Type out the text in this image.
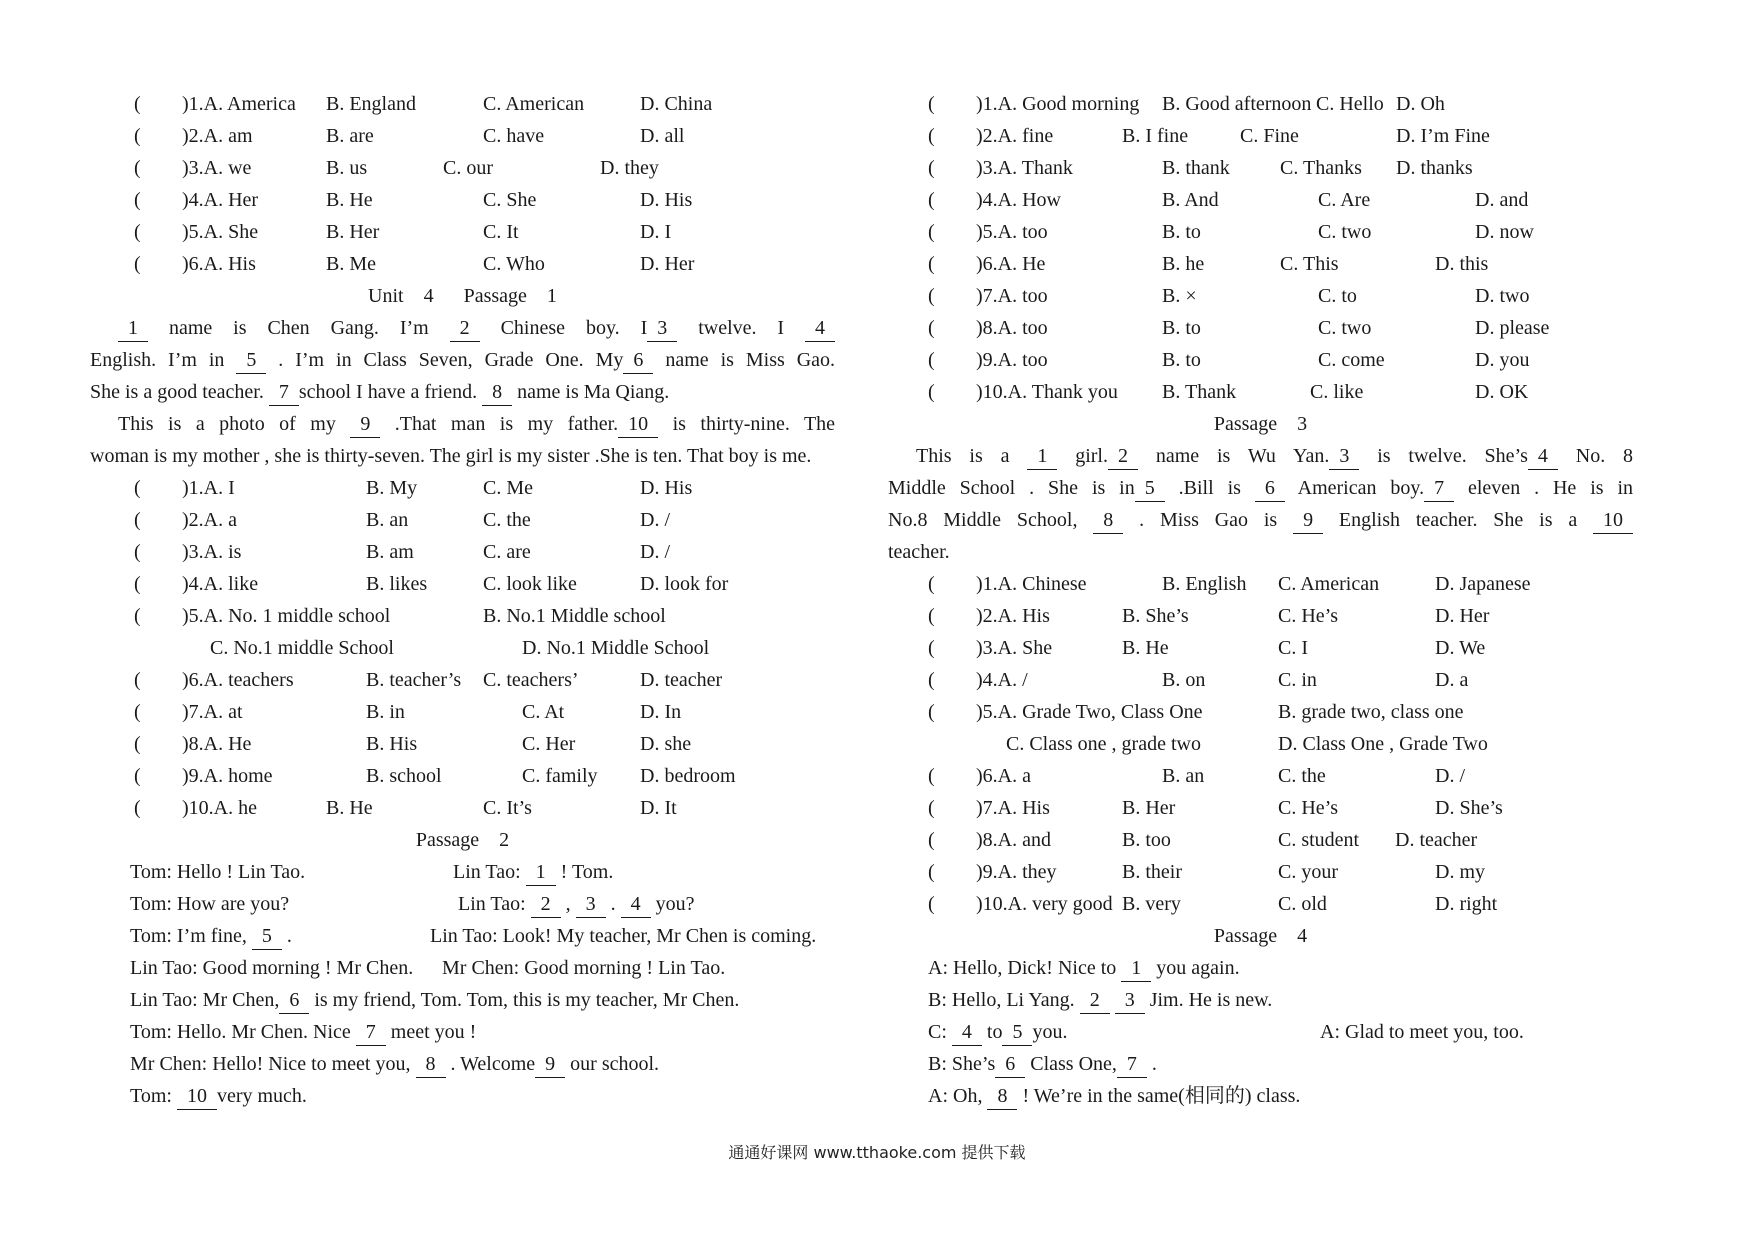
( )1.A. America B. England	C. American	D. China
( )2.A. am	B. are	C. have	D. all
( )3.A. we	B. us	C. our	D. they
( )4.A. Her	B. He	C. She	D. His
( )5.A. She	B. Her	C. It	D. I
( )6.A. His	B. Me	C. Who	D. Her
Unit    4      Passage    1
1 name is Chen Gang. I’m 2 Chinese boy. I 3 twelve. I 4
English. I’m in 5 . I’m in Class Seven, Grade One. My 6 name is Miss Gao.
She is a good teacher. 7 school I have a friend. 8 name is Ma Qiang.
This is a photo of my 9 .That man is my father. 10 is thirty-nine. The
woman is my mother , she is thirty-seven. The girl is my sister .She is ten. That boy is me.
( )1.A. I	B. My	C. Me	D. His
( )2.A. a	B. an	C. the	D. /
( )3.A. is	B. am	C. are	D. /
( )4.A. like	B. likes	C. look like	D. look for
( )5.A. No. 1 middle school	B. No.1 Middle school
C. No.1 middle School	D. No.1 Middle School
( )6.A. teachers	B. teacher’s C. teachers’	D. teacher
( )7.A. at	B. in	C. At	D. In
( )8.A. He	B. His	C. Her	D. she
( )9.A. home	B. school	C. family D. bedroom
( )10.A. he	B. He	C. It’s	D. It
Passage    2
Tom: Hello ! Lin Tao.	Lin Tao: 1 ! Tom.
Tom: How are you?	Lin Tao: 2 , 3 . 4 you?
Tom: I’m fine, 5 .	Lin Tao: Look! My teacher, Mr Chen is coming.
Lin Tao: Good morning ! Mr Chen. Mr Chen: Good morning ! Lin Tao.
Lin Tao: Mr Chen, 6 is my friend, Tom. Tom, this is my teacher, Mr Chen.
Tom: Hello. Mr Chen. Nice 7 meet you !
Mr Chen: Hello! Nice to meet you, 8 . Welcome 9 our school.
Tom: 10 very much.
( )1.A. Good morning B. Good afternoon C. Hello D. Oh
( )2.A. fine	B. I fine	C. Fine	D. I’m Fine
( )3.A. Thank	B. thank	C. Thanks D. thanks
( )4.A. How	B. And	C. Are	D. and
( )5.A. too	B. to	C. two	D. now
( )6.A. He	B. he	C. This	D. this
( )7.A. too	B. ×	C. to	D. two
( )8.A. too	B. to	C. two	D. please
( )9.A. too	B. to	C. come	D. you
( )10.A. Thank you B. Thank	C. like	D. OK
Passage    3
This is a 1 girl. 2 name is Wu Yan. 3 is twelve. She’s 4 No. 8
Middle School . She is in 5 .Bill is 6 American boy. 7 eleven . He is in
No.8 Middle School, 8 . Miss Gao is 9 English teacher. She is a 10
teacher.
( )1.A. Chinese	B. English C. American	D. Japanese
( )2.A. His	B. She’s	C. He’s	D. Her
( )3.A. She	B. He	C. I	D. We
( )4.A. /	B. on	C. in	D. a
( )5.A. Grade Two, Class One	B. grade two, class one
C. Class one , grade two	D. Class One , Grade Two
( )6.A. a	B. an	C. the	D. /
( )7.A. His	B. Her	C. He’s	D. She’s
( )8.A. and	B. too	C. student D. teacher
( )9.A. they	B. their	C. your	D. my
( )10.A. very good B. very	C. old	D. right
Passage    4
A: Hello, Dick! Nice to 1 you again.
B: Hello, Li Yang. 2 3 Jim. He is new.
C: 4 to 5 you.	A: Glad to meet you, too.
B: She’s 6 Class One, 7 .
A: Oh, 8 ! We’re in the same(相同的) class.
通通好课网 www.tthaoke.com 提供下载
